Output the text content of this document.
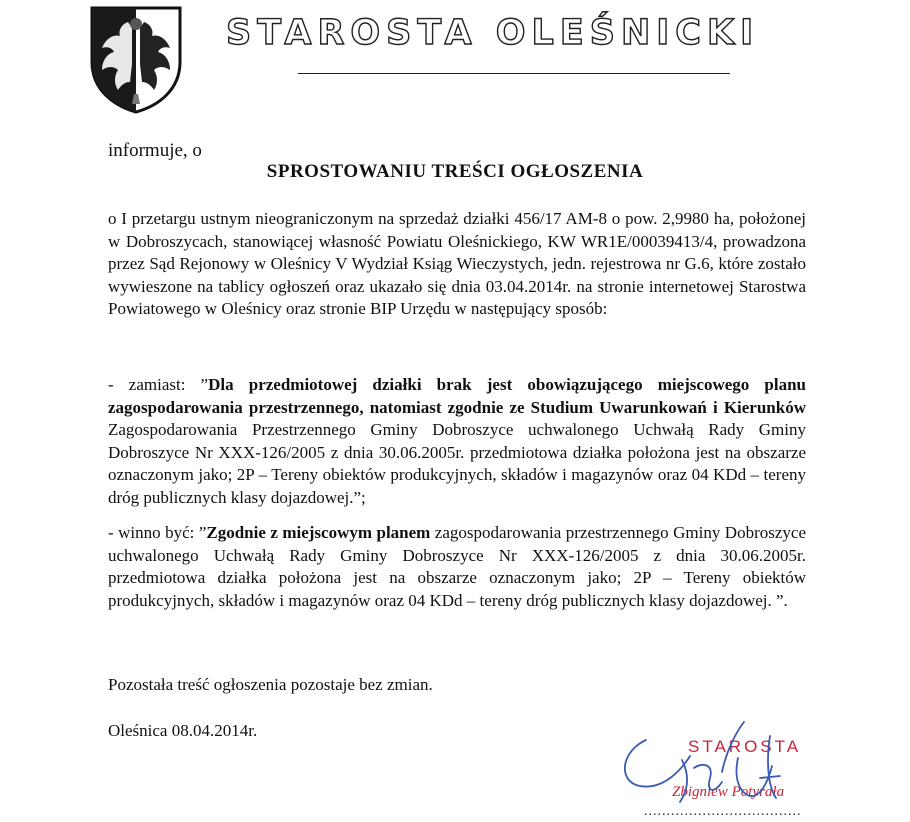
STAROSTA OLEŚNICKI
informuje, o
SPROSTOWANIU TREŚCI OGŁOSZENIA
o I przetargu ustnym nieograniczonym na sprzedaż działki 456/17 AM-8 o pow. 2,9980 ha, położonej w Dobroszycach, stanowiącej własność Powiatu Oleśnickiego, KW WR1E/00039413/4, prowadzona przez Sąd Rejonowy w Oleśnicy V Wydział Ksiąg Wieczystych, jedn. rejestrowa nr G.6, które zostało wywieszone na tablicy ogłoszeń oraz ukazało się dnia 03.04.2014r. na stronie internetowej Starostwa Powiatowego w Oleśnicy oraz stronie BIP Urzędu w następujący sposób:
- zamiast: ”Dla przedmiotowej działki brak jest obowiązującego miejscowego planu zagospodarowania przestrzennego, natomiast zgodnie ze Studium Uwarunkowań i Kierunków Zagospodarowania Przestrzennego Gminy Dobroszyce uchwalonego Uchwałą Rady Gminy Dobroszyce Nr XXX-126/2005 z dnia 30.06.2005r. przedmiotowa działka położona jest na obszarze oznaczonym jako; 2P – Tereny obiektów produkcyjnych, składów i magazynów oraz 04 KDd – tereny dróg publicznych klasy dojazdowej.”;
- winno być: ”Zgodnie z miejscowym planem zagospodarowania przestrzennego Gminy Dobroszyce uchwalonego Uchwałą Rady Gminy Dobroszyce Nr XXX-126/2005 z dnia 30.06.2005r. przedmiotowa działka położona jest na obszarze oznaczonym jako; 2P – Tereny obiektów produkcyjnych, składów i magazynów oraz 04 KDd – tereny dróg publicznych klasy dojazdowej. ”.
Pozostała treść ogłoszenia pozostaje bez zmian.
Oleśnica 08.04.2014r.
STAROSTA
Zbigniew Potyrała
...................................
